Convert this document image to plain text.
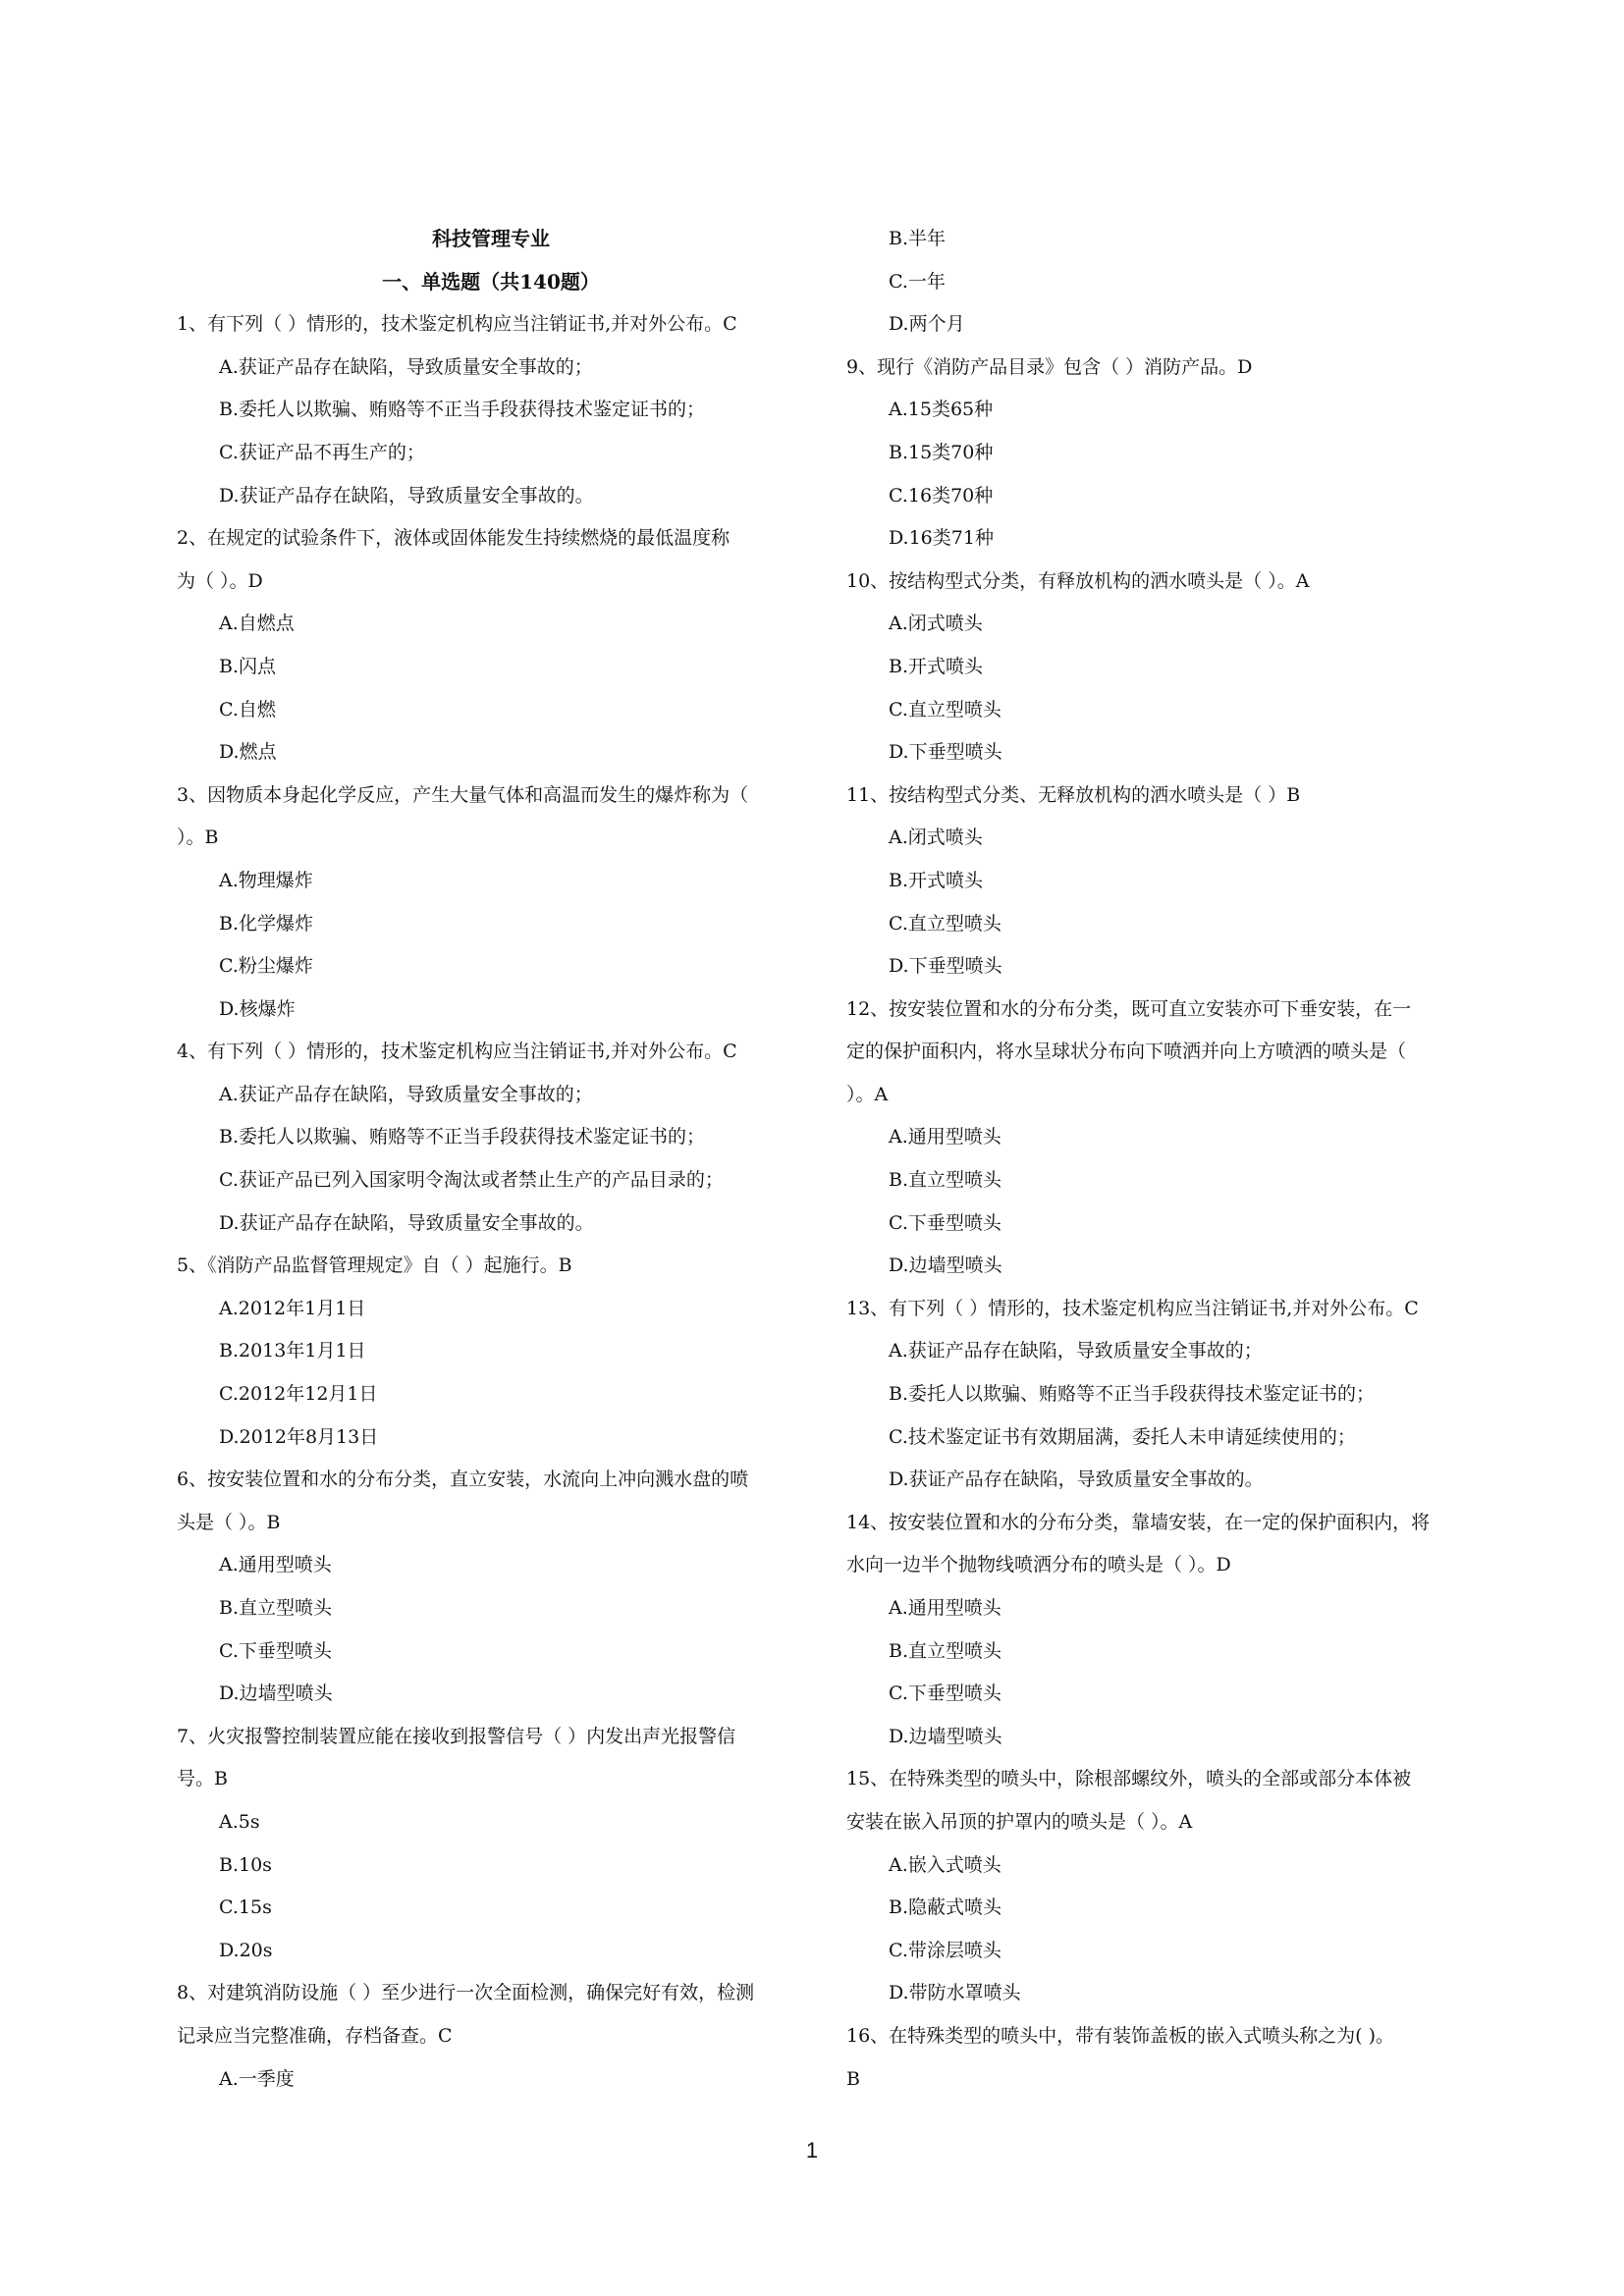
科技管理专业
一、单选题（共140题）
1、有下列（ ）情形的，技术鉴定机构应当注销证书,并对外公布。C
A.获证产品存在缺陷，导致质量安全事故的；
B.委托人以欺骗、贿赂等不正当手段获得技术鉴定证书的；
C.获证产品不再生产的；
D.获证产品存在缺陷，导致质量安全事故的。
2、在规定的试验条件下，液体或固体能发生持续燃烧的最低温度称
为（ ）。D
A.自燃点
B.闪点
C.自燃
D.燃点
3、因物质本身起化学反应，产生大量气体和高温而发生的爆炸称为（
）。B
A.物理爆炸
B.化学爆炸
C.粉尘爆炸
D.核爆炸
4、有下列（ ）情形的，技术鉴定机构应当注销证书,并对外公布。C
A.获证产品存在缺陷，导致质量安全事故的；
B.委托人以欺骗、贿赂等不正当手段获得技术鉴定证书的；
C.获证产品已列入国家明令淘汰或者禁止生产的产品目录的；
D.获证产品存在缺陷，导致质量安全事故的。
5、《消防产品监督管理规定》自（ ）起施行。B
A.2012年1月1日
B.2013年1月1日
C.2012年12月1日
D.2012年8月13日
6、按安装位置和水的分布分类，直立安装，水流向上冲向溅水盘的喷
头是（ ）。B
A.通用型喷头
B.直立型喷头
C.下垂型喷头
D.边墙型喷头
7、火灾报警控制装置应能在接收到报警信号（ ）内发出声光报警信
号。B
A.5s
B.10s
C.15s
D.20s
8、对建筑消防设施（ ）至少进行一次全面检测，确保完好有效，检测
记录应当完整准确，存档备查。C
A.一季度
B.半年
C.一年
D.两个月
9、现行《消防产品目录》包含（ ）消防产品。D
A.15类65种
B.15类70种
C.16类70种
D.16类71种
10、按结构型式分类，有释放机构的洒水喷头是（ ）。A
A.闭式喷头
B.开式喷头
C.直立型喷头
D.下垂型喷头
11、按结构型式分类、无释放机构的洒水喷头是（ ）B
A.闭式喷头
B.开式喷头
C.直立型喷头
D.下垂型喷头
12、按安装位置和水的分布分类，既可直立安装亦可下垂安装，在一
定的保护面积内，将水呈球状分布向下喷洒并向上方喷洒的喷头是（
）。A
A.通用型喷头
B.直立型喷头
C.下垂型喷头
D.边墙型喷头
13、有下列（ ）情形的，技术鉴定机构应当注销证书,并对外公布。C
A.获证产品存在缺陷，导致质量安全事故的；
B.委托人以欺骗、贿赂等不正当手段获得技术鉴定证书的；
C.技术鉴定证书有效期届满，委托人未申请延续使用的；
D.获证产品存在缺陷，导致质量安全事故的。
14、按安装位置和水的分布分类，靠墙安装，在一定的保护面积内，将
水向一边半个抛物线喷洒分布的喷头是（ ）。D
A.通用型喷头
B.直立型喷头
C.下垂型喷头
D.边墙型喷头
15、在特殊类型的喷头中，除根部螺纹外，喷头的全部或部分本体被
安装在嵌入吊顶的护罩内的喷头是（ ）。A
A.嵌入式喷头
B.隐蔽式喷头
C.带涂层喷头
D.带防水罩喷头
16、在特殊类型的喷头中，带有装饰盖板的嵌入式喷头称之为( )。
B
1
